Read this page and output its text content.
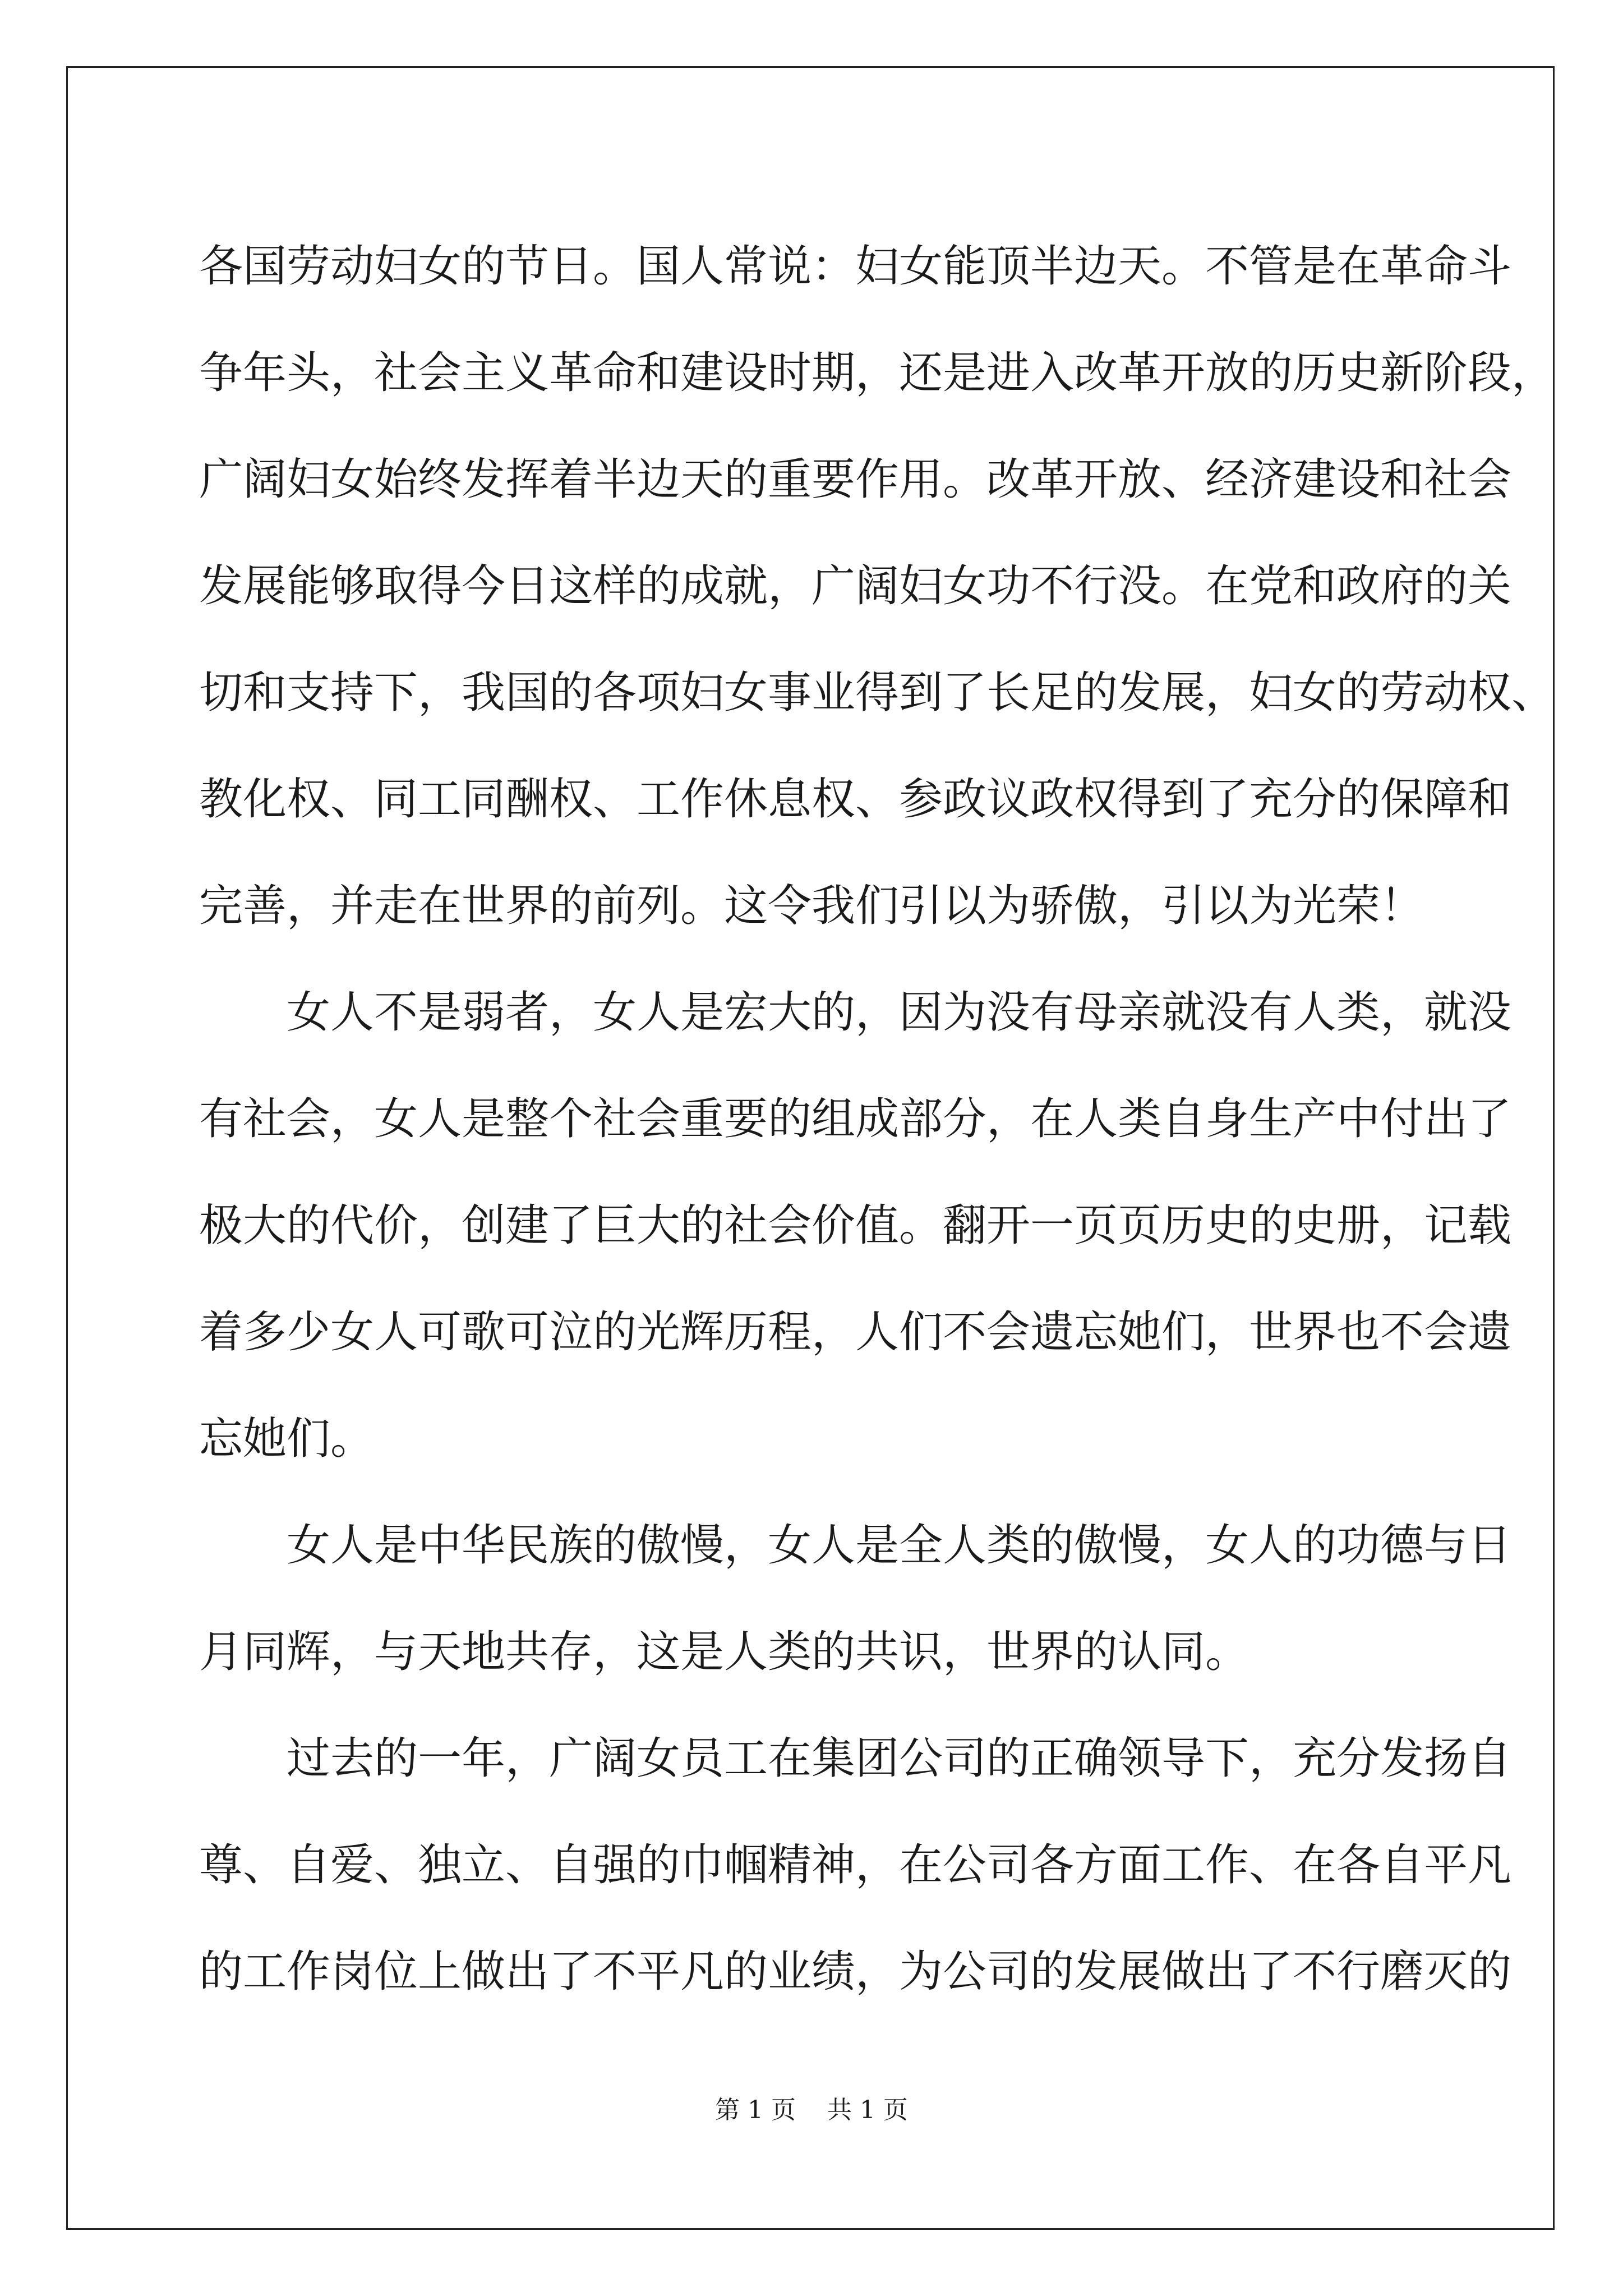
各国劳动妇女的节日。国人常说：妇女能顶半边天。不管是在革命斗
争年头，社会主义革命和建设时期，还是进入改革开放的历史新阶段，
广阔妇女始终发挥着半边天的重要作用。改革开放、经济建设和社会
发展能够取得今日这样的成就，广阔妇女功不行没。在党和政府的关
切和支持下，我国的各项妇女事业得到了长足的发展，妇女的劳动权、
教化权、同工同酬权、工作休息权、参政议政权得到了充分的保障和
完善，并走在世界的前列。这令我们引以为骄傲，引以为光荣！
女人不是弱者，女人是宏大的，因为没有母亲就没有人类，就没
有社会，女人是整个社会重要的组成部分，在人类自身生产中付出了
极大的代价，创建了巨大的社会价值。翻开一页页历史的史册，记载
着多少女人可歌可泣的光辉历程，人们不会遗忘她们，世界也不会遗
忘她们。
女人是中华民族的傲慢，女人是全人类的傲慢，女人的功德与日
月同辉，与天地共存，这是人类的共识，世界的认同。
过去的一年，广阔女员工在集团公司的正确领导下，充分发扬自
尊、自爱、独立、自强的巾帼精神，在公司各方面工作、在各自平凡
的工作岗位上做出了不平凡的业绩，为公司的发展做出了不行磨灭的
第 1 页    共 1 页
